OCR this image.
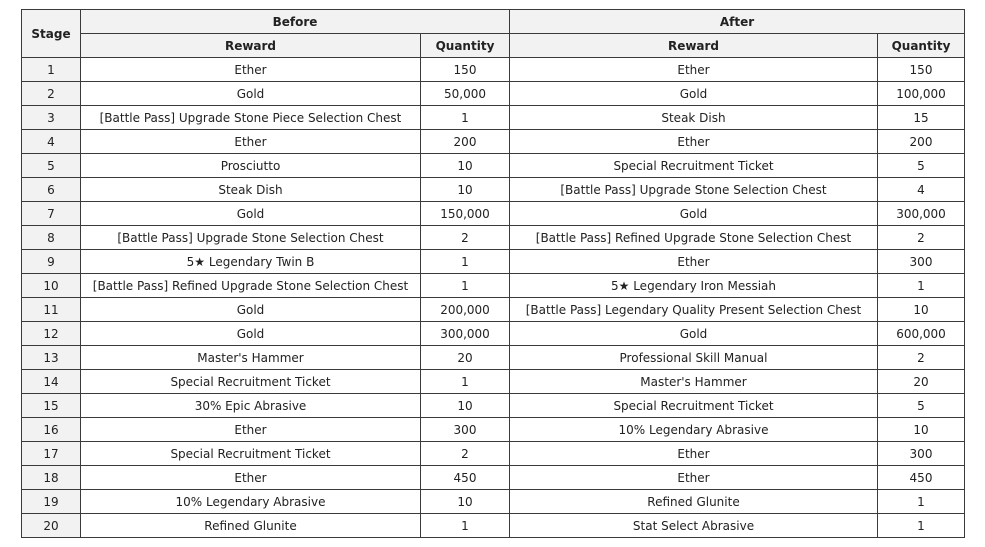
Stage	Before		After	
	Reward	Quantity	Reward	Quantity
1	Ether	150	Ether	150
2	Gold	50,000	Gold	100,000
3	[Battle Pass] Upgrade Stone Piece Selection Chest	1	Steak Dish	15
4	Ether	200	Ether	200
5	Prosciutto	10	Special Recruitment Ticket	5
6	Steak Dish	10	[Battle Pass] Upgrade Stone Selection Chest	4
7	Gold	150,000	Gold	300,000
8	[Battle Pass] Upgrade Stone Selection Chest	2	[Battle Pass] Refined Upgrade Stone Selection Chest	2
9	5★ Legendary Twin B	1	Ether	300
10	[Battle Pass] Refined Upgrade Stone Selection Chest	1	5★ Legendary Iron Messiah	1
11	Gold	200,000	[Battle Pass] Legendary Quality Present Selection Chest	10
12	Gold	300,000	Gold	600,000
13	Master's Hammer	20	Professional Skill Manual	2
14	Special Recruitment Ticket	1	Master's Hammer	20
15	30% Epic Abrasive	10	Special Recruitment Ticket	5
16	Ether	300	10% Legendary Abrasive	10
17	Special Recruitment Ticket	2	Ether	300
18	Ether	450	Ether	450
19	10% Legendary Abrasive	10	Refined Glunite	1
20	Refined Glunite	1	Stat Select Abrasive	1
